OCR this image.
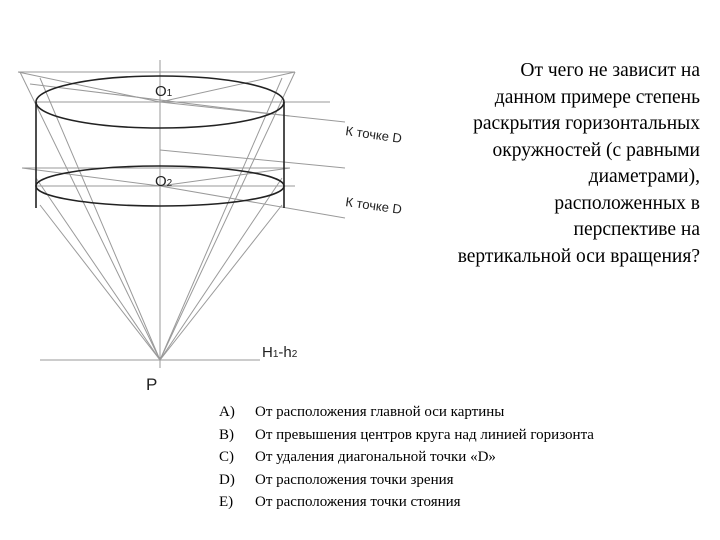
O1
O2
К точке D
К точке D
H1-h2
P
От чего не зависит на
данном примере степень
раскрытия горизонтальных
окружностей (с равными
диаметрами),
расположенных в
перспективе на
вертикальной оси вращения?
A) От расположения главной оси картины
B) От превышения центров круга над линией горизонта
C) От удаления диагональной точки «D»
D) От расположения точки зрения
E) От расположения точки стояния
